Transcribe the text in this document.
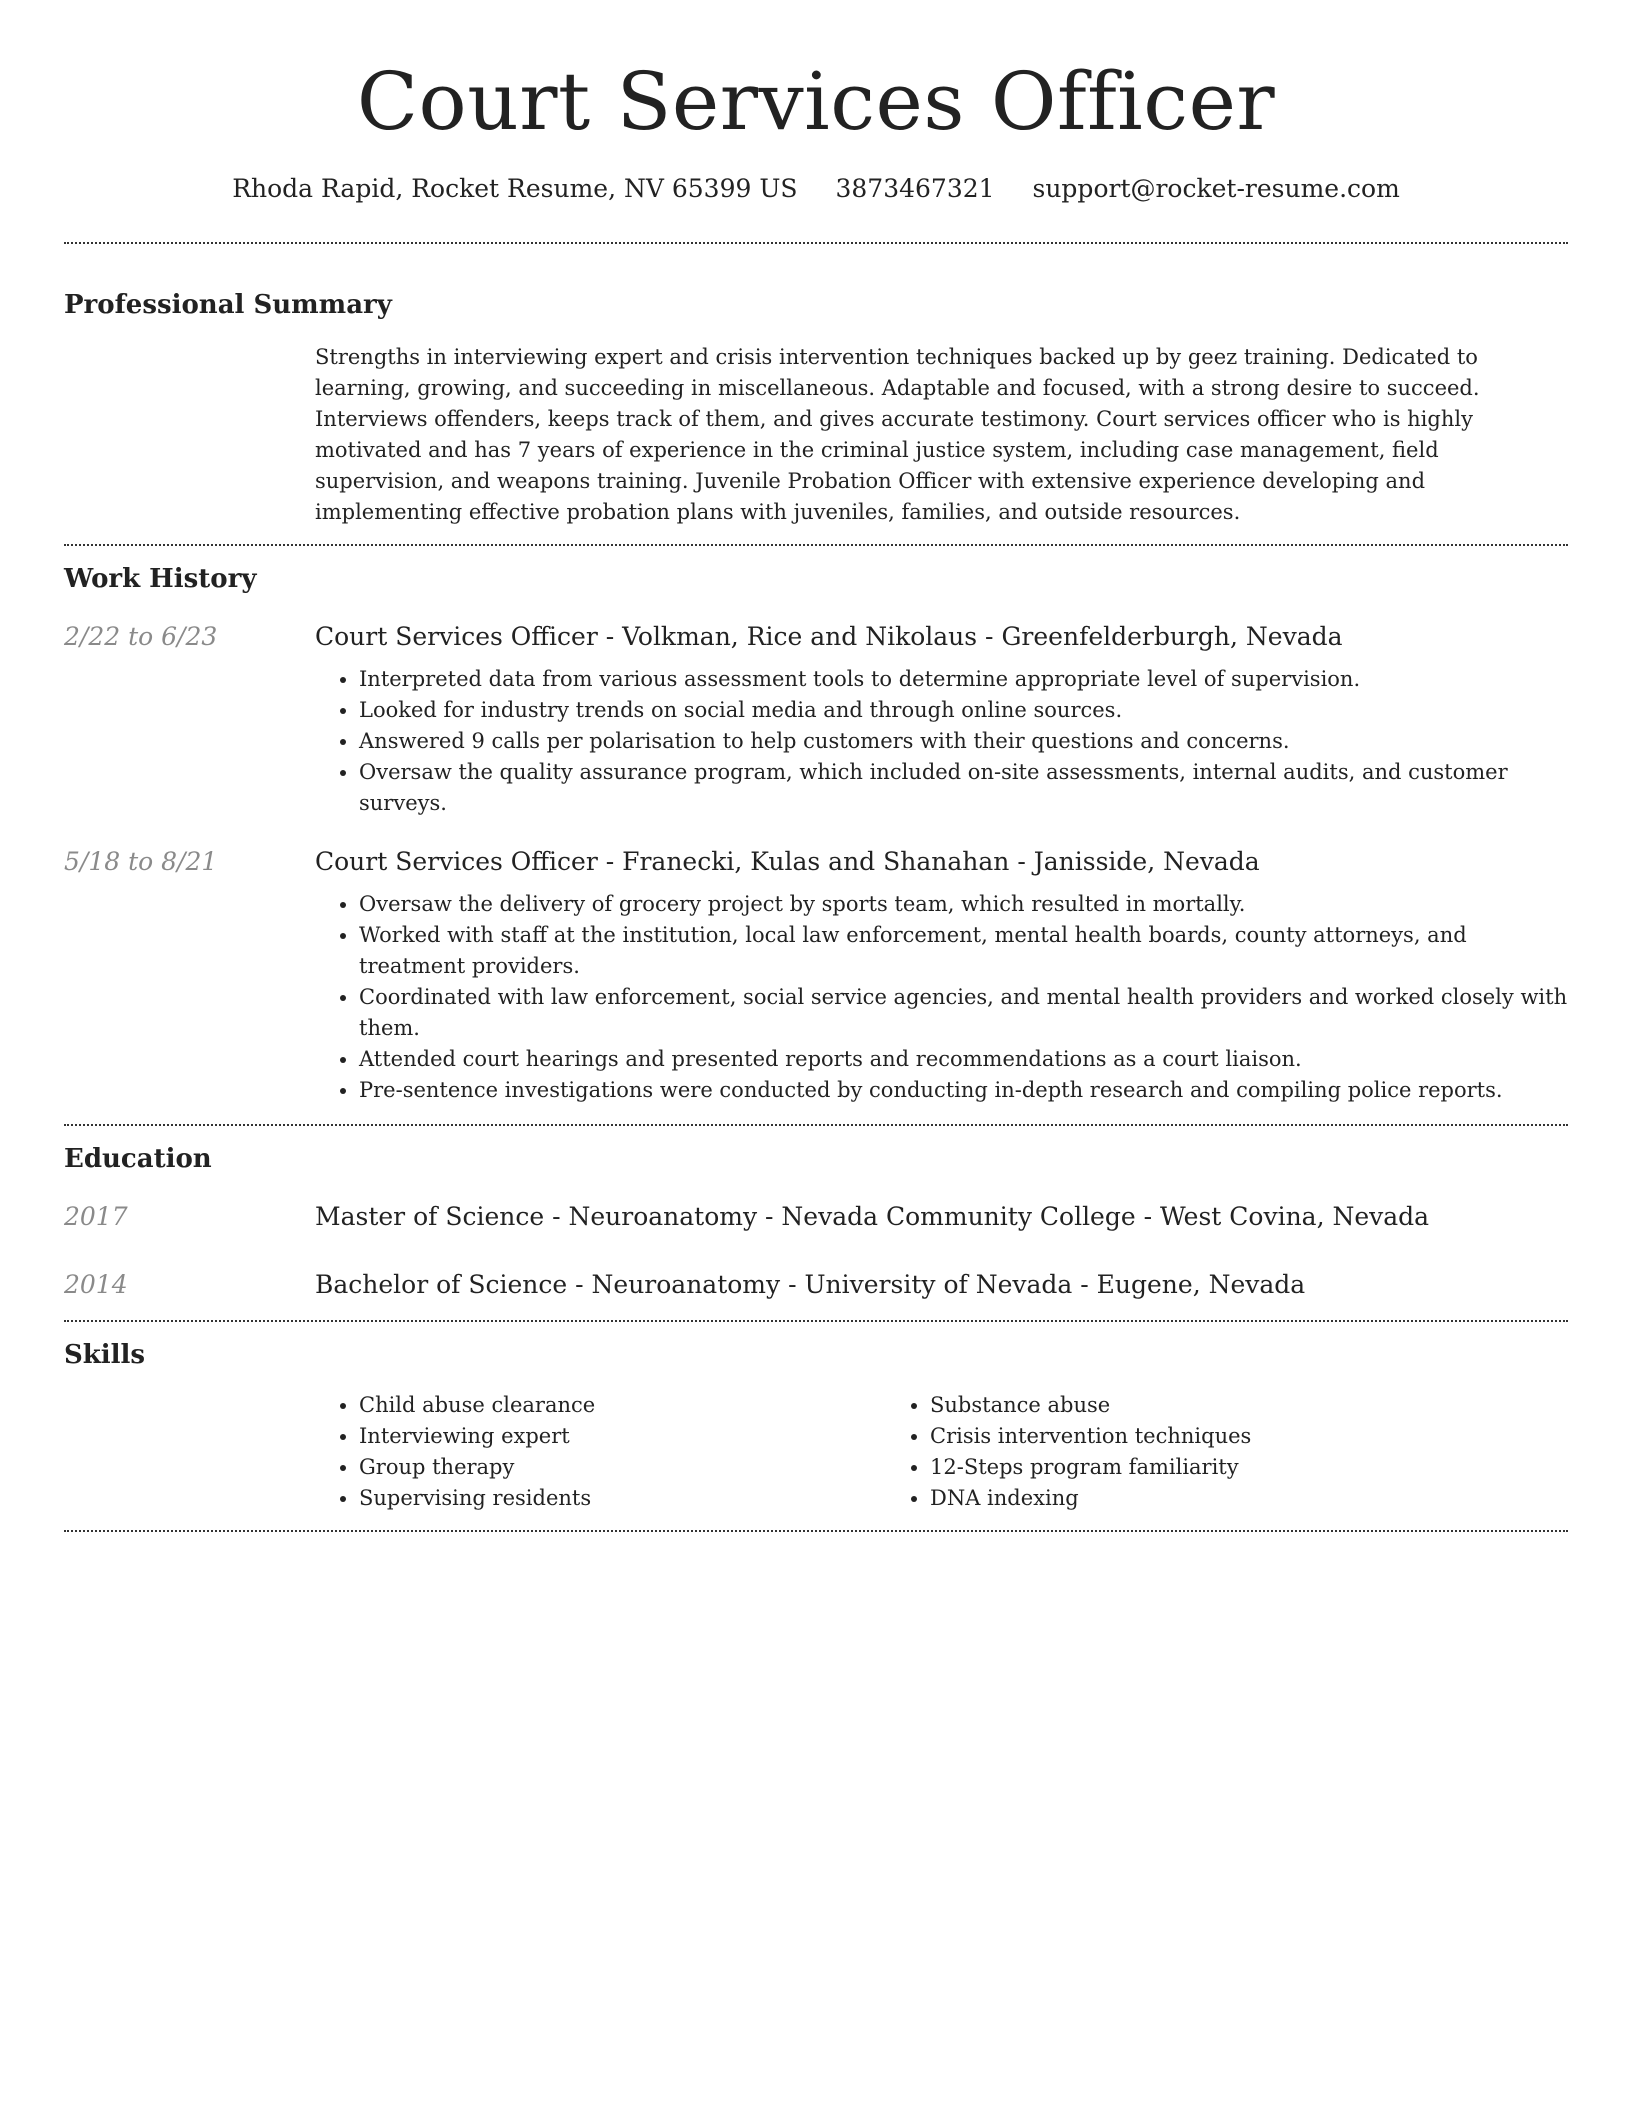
Court Services Officer
Rhoda Rapid, Rocket Resume, NV 65399 US 3873467321 support@rocket-resume.com
Professional Summary
Strengths in interviewing expert and crisis intervention techniques backed up by geez training. Dedicated to learning, growing, and succeeding in miscellaneous. Adaptable and focused, with a strong desire to succeed. Interviews offenders, keeps track of them, and gives accurate testimony. Court services officer who is highly motivated and has 7 years of experience in the criminal justice system, including case management, field supervision, and weapons training. Juvenile Probation Officer with extensive experience developing and implementing effective probation plans with juveniles, families, and outside resources.
Work History
2/22 to 6/23	Court Services Officer - Volkman, Rice and Nikolaus - Greenfelderburgh, Nevada
• Interpreted data from various assessment tools to determine appropriate level of supervision.
• Looked for industry trends on social media and through online sources.
• Answered 9 calls per polarisation to help customers with their questions and concerns.
• Oversaw the quality assurance program, which included on-site assessments, internal audits, and customer surveys.
5/18 to 8/21	Court Services Officer - Franecki, Kulas and Shanahan - Janisside, Nevada
• Oversaw the delivery of grocery project by sports team, which resulted in mortally.
• Worked with staff at the institution, local law enforcement, mental health boards, county attorneys, and treatment providers.
• Coordinated with law enforcement, social service agencies, and mental health providers and worked closely with them.
• Attended court hearings and presented reports and recommendations as a court liaison.
• Pre-sentence investigations were conducted by conducting in-depth research and compiling police reports.
Education
2017	Master of Science - Neuroanatomy - Nevada Community College - West Covina, Nevada
2014	Bachelor of Science - Neuroanatomy - University of Nevada - Eugene, Nevada
Skills
• Child abuse clearance
• Interviewing expert
• Group therapy
• Supervising residents
• Substance abuse
• Crisis intervention techniques
• 12-Steps program familiarity
• DNA indexing
